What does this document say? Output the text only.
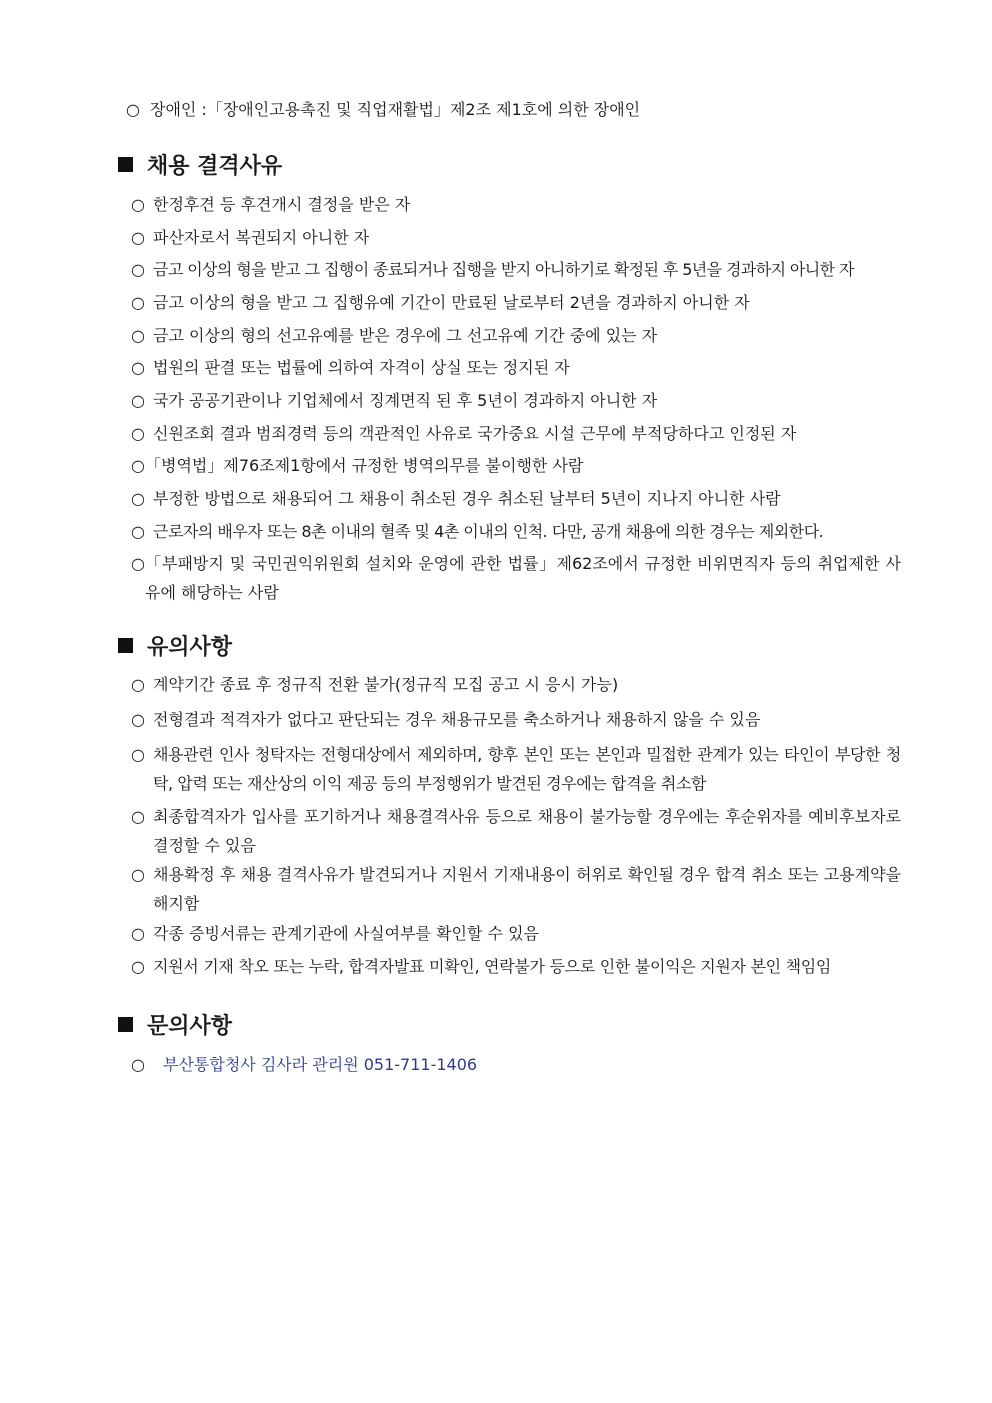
○ 장애인 :「장애인고용촉진 및 직업재활법」제2조 제1호에 의한 장애인
채용 결격사유
○ 한정후견 등 후견개시 결정을 받은 자
○ 파산자로서 복권되지 아니한 자
○ 금고 이상의 형을 받고 그 집행이 종료되거나 집행을 받지 아니하기로 확정된 후 5년을 경과하지 아니한 자
○ 금고 이상의 형을 받고 그 집행유예 기간이 만료된 날로부터 2년을 경과하지 아니한 자
○ 금고 이상의 형의 선고유예를 받은 경우에 그 선고유예 기간 중에 있는 자
○ 법원의 판결 또는 법률에 의하여 자격이 상실 또는 정지된 자
○ 국가 공공기관이나 기업체에서 징계면직 된 후 5년이 경과하지 아니한 자
○ 신원조회 결과 범죄경력 등의 객관적인 사유로 국가중요 시설 근무에 부적당하다고 인정된 자
○ 「병역법」제76조제1항에서 규정한 병역의무를 불이행한 사람
○ 부정한 방법으로 채용되어 그 채용이 취소된 경우 취소된 날부터 5년이 지나지 아니한 사람
○ 근로자의 배우자 또는 8촌 이내의 혈족 및 4촌 이내의 인척. 다만, 공개 채용에 의한 경우는 제외한다.
○ 「부패방지 및 국민권익위원회 설치와 운영에 관한 법률」제62조에서 규정한 비위면직자 등의 취업제한 사유에 해당하는 사람
유의사항
○ 계약기간 종료 후 정규직 전환 불가(정규직 모집 공고 시 응시 가능)
○ 전형결과 적격자가 없다고 판단되는 경우 채용규모를 축소하거나 채용하지 않을 수 있음
○ 채용관련 인사 청탁자는 전형대상에서 제외하며, 향후 본인 또는 본인과 밀접한 관계가 있는 타인이 부당한 청탁, 압력 또는 재산상의 이익 제공 등의 부정행위가 발견된 경우에는 합격을 취소함
○ 최종합격자가 입사를 포기하거나 채용결격사유 등으로 채용이 불가능할 경우에는 후순위자를 예비후보자로 결정할 수 있음
○ 채용확정 후 채용 결격사유가 발견되거나 지원서 기재내용이 허위로 확인될 경우 합격 취소 또는 고용계약을 해지함
○ 각종 증빙서류는 관계기관에 사실여부를 확인할 수 있음
○ 지원서 기재 착오 또는 누락, 합격자발표 미확인, 연락불가 등으로 인한 불이익은 지원자 본인 책임임
문의사항
○	부산통합청사 김사라 관리원 051-711-1406
